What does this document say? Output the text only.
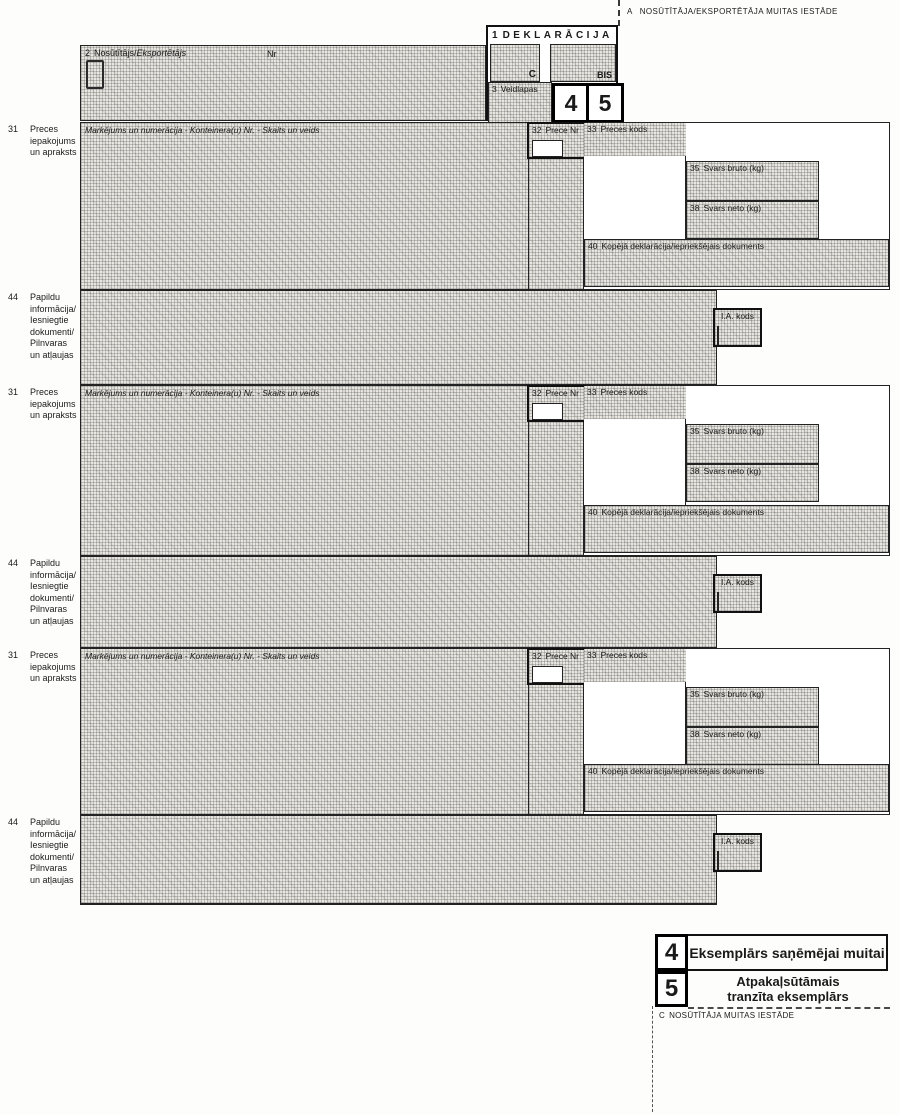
A NOSŪTĪTĀJA/EKSPORTĒTĀJA MUITAS IESTĀDE
2 Nosūtītājs/Eksportētājs	Nr
1 DEKLARĀCIJA
C	BIS
3 Veidlapas
4 5
31	Preces
iepakojums
un apraksts
Markējums un numerācija - Konteinera(u) Nr. - Skaits un veids	32 Prece Nr 33 Preces kods
35 Svars bruto (kg)
38 Svars neto (kg)
40 Kopējā deklarācija/iepriekšējais dokuments
44	Papildu
informācija/
Iesniegtie
dokumenti/
Pilnvaras
un atļaujas
I.A. kods
31	Preces
iepakojums
un apraksts
Markējums un numerācija - Konteinera(u) Nr. - Skaits un veids	32 Prece Nr 33 Preces kods
35 Svars bruto (kg)
38 Svars neto (kg)
40 Kopējā deklarācija/iepriekšējais dokuments
44	Papildu
informācija/
Iesniegtie
dokumenti/
Pilnvaras
un atļaujas
I.A. kods
31	Preces
iepakojums
un apraksts
Markējums un numerācija - Konteinera(u) Nr. - Skaits un veids	32 Prece Nr 33 Preces kods
35 Svars bruto (kg)
38 Svars neto (kg)
40 Kopējā deklarācija/iepriekšējais dokuments
44	Papildu
informācija/
Iesniegtie
dokumenti/
Pilnvaras
un atļaujas
I.A. kods
4 Eksemplārs saņēmējai muitai
5	Atpakaļsūtāmais
tranzīta eksemplārs
C NOSŪTĪTĀJA MUITAS IESTĀDE
